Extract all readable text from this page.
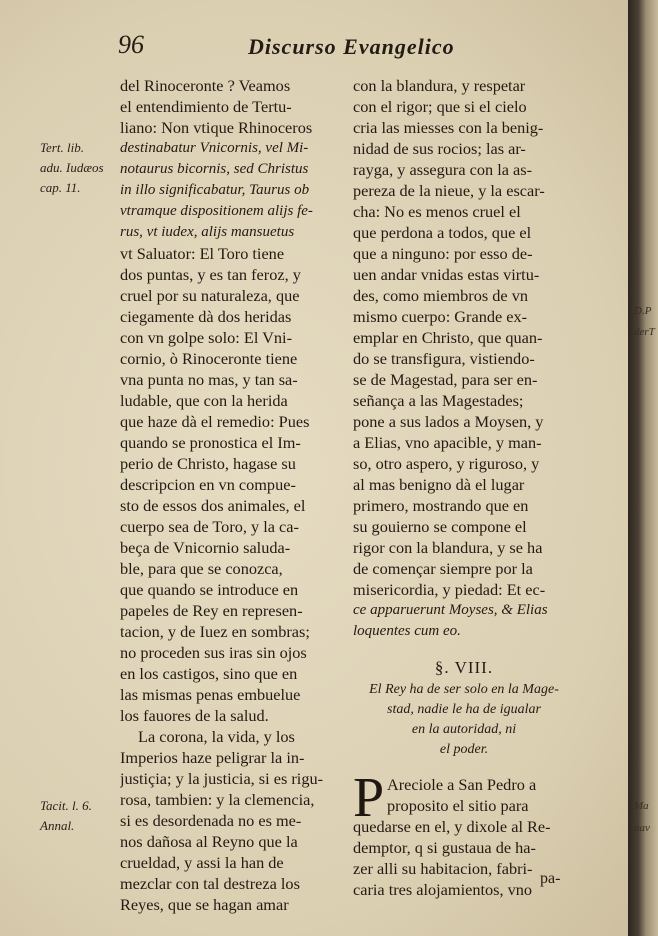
96	Discurso Evangelico
Tert. lib.
adu. Iudæos
cap. 11.
Tacit. l. 6.
Annal.
del Rinoceronte ? Veamos
el entendimiento de Tertu-
liano: Non vtique Rhinoceros
destinabatur Vnicornis, vel Mi-
notaurus bicornis, sed Christus
in illo significabatur, Taurus ob
vtramque dispositionem alijs fe-
rus, vt iudex, alijs mansuetus
vt Saluator: El Toro tiene
dos puntas, y es tan feroz, y
cruel por su naturaleza, que
ciegamente dà dos heridas
con vn golpe solo: El Vni-
cornio, ò Rinoceronte tiene
vna punta no mas, y tan sa-
ludable, que con la herida
que haze dà el remedio: Pues
quando se pronostica el Im-
perio de Christo, hagase su
descripcion en vn compue-
sto de essos dos animales, el
cuerpo sea de Toro, y la ca-
beça de Vnicornio saluda-
ble, para que se conozca,
que quando se introduce en
papeles de Rey en represen-
tacion, y de Iuez en sombras;
no proceden sus iras sin ojos
en los castigos, sino que en
las mismas penas embuelue
los fauores de la salud.
La corona, la vida, y los
Imperios haze peligrar la in-
justiçia; y la justicia, si es rigu-
rosa, tambien: y la clemencia,
si es desordenada no es me-
nos dañosa al Reyno que la
crueldad, y assi la han de
mezclar con tal destreza los
Reyes, que se hagan amar
con la blandura, y respetar
con el rigor; que si el cielo
cria las miesses con la benig-
nidad de sus rocios; las ar-
rayga, y assegura con la as-
pereza de la nieue, y la escar-
cha: No es menos cruel el
que perdona a todos, que el
que a ninguno: por esso de-
uen andar vnidas estas virtu-
des, como miembros de vn
mismo cuerpo: Grande ex-
emplar en Christo, que quan-
do se transfigura, vistiendo-
se de Magestad, para ser en-
señança a las Magestades;
pone a sus lados a Moysen, y
a Elias, vno apacible, y man-
so, otro aspero, y riguroso, y
al mas benigno dà el lugar
primero, mostrando que en
su gouierno se compone el
rigor con la blandura, y se ha
de començar siempre por la
misericordia, y piedad: Et ec-
ce apparuerunt Moyses, & Elias
loquentes cum eo.
§. VIII.
El Rey ha de ser solo en la Mage-
stad, nadie le ha de igualar
en la autoridad, ni
el poder.
P Areciole a San Pedro a
proposito el sitio para
quedarse en el, y dixole al Re-
demptor, q si gustaua de ha-
zer alli su habitacion, fabri-
caria tres alojamientos, vno
pa-
D.P
derT
Ma
nav
